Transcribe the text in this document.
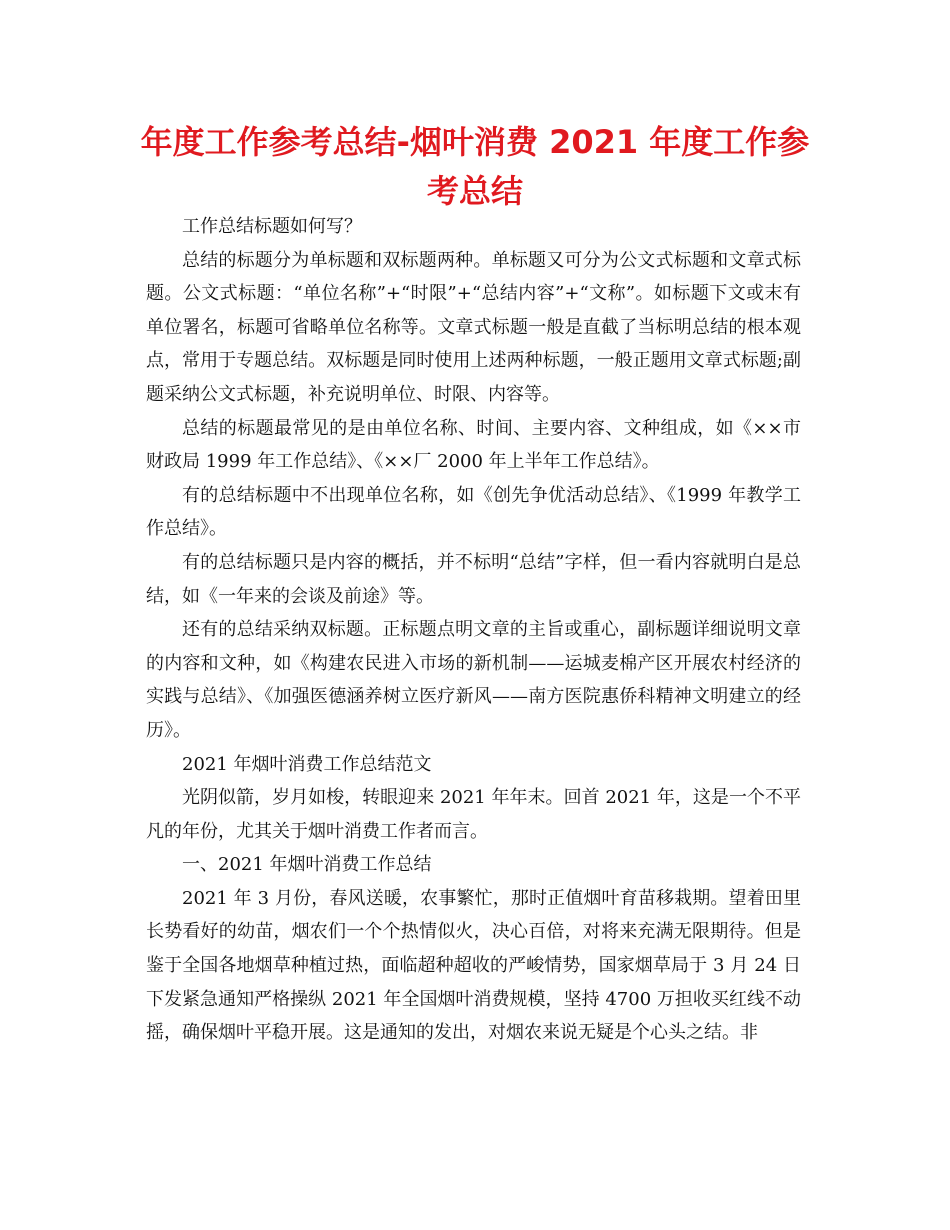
年度工作参考总结-烟叶消费 2021 年度工作参考总结

工作总结标题如何写？

总结的标题分为单标题和双标题两种。单标题又可分为公文式标题和文章式标题。公文式标题：“单位名称”+“时限”+“总结内容”+“文称”。如标题下文或末有单位署名，标题可省略单位名称等。文章式标题一般是直截了当标明总结的根本观点，常用于专题总结。双标题是同时使用上述两种标题，一般正题用文章式标题;副题采纳公文式标题，补充说明单位、时限、内容等。

总结的标题最常见的是由单位名称、时间、主要内容、文种组成，如《××市财政局 1999 年工作总结》、《××厂 2000 年上半年工作总结》。

有的总结标题中不出现单位名称，如《创先争优活动总结》、《1999 年教学工作总结》。

有的总结标题只是内容的概括，并不标明“总结”字样，但一看内容就明白是总结，如《一年来的会谈及前途》等。

还有的总结采纳双标题。正标题点明文章的主旨或重心，副标题详细说明文章的内容和文种，如《构建农民进入市场的新机制——运城麦棉产区开展农村经济的实践与总结》、《加强医德涵养树立医疗新风——南方医院惠侨科精神文明建立的经历》。

2021 年烟叶消费工作总结范文

光阴似箭，岁月如梭，转眼迎来 2021 年年末。回首 2021 年，这是一个不平凡的年份，尤其关于烟叶消费工作者而言。

一、2021 年烟叶消费工作总结

2021 年 3 月份，春风送暖，农事繁忙，那时正值烟叶育苗移栽期。望着田里长势看好的幼苗，烟农们一个个热情似火，决心百倍，对将来充满无限期待。但是鉴于全国各地烟草种植过热，面临超种超收的严峻情势，国家烟草局于 3 月 24 日下发紧急通知严格操纵 2021 年全国烟叶消费规模，坚持 4700 万担收买红线不动摇，确保烟叶平稳开展。这是通知的发出，对烟农来说无疑是个心头之结。非
